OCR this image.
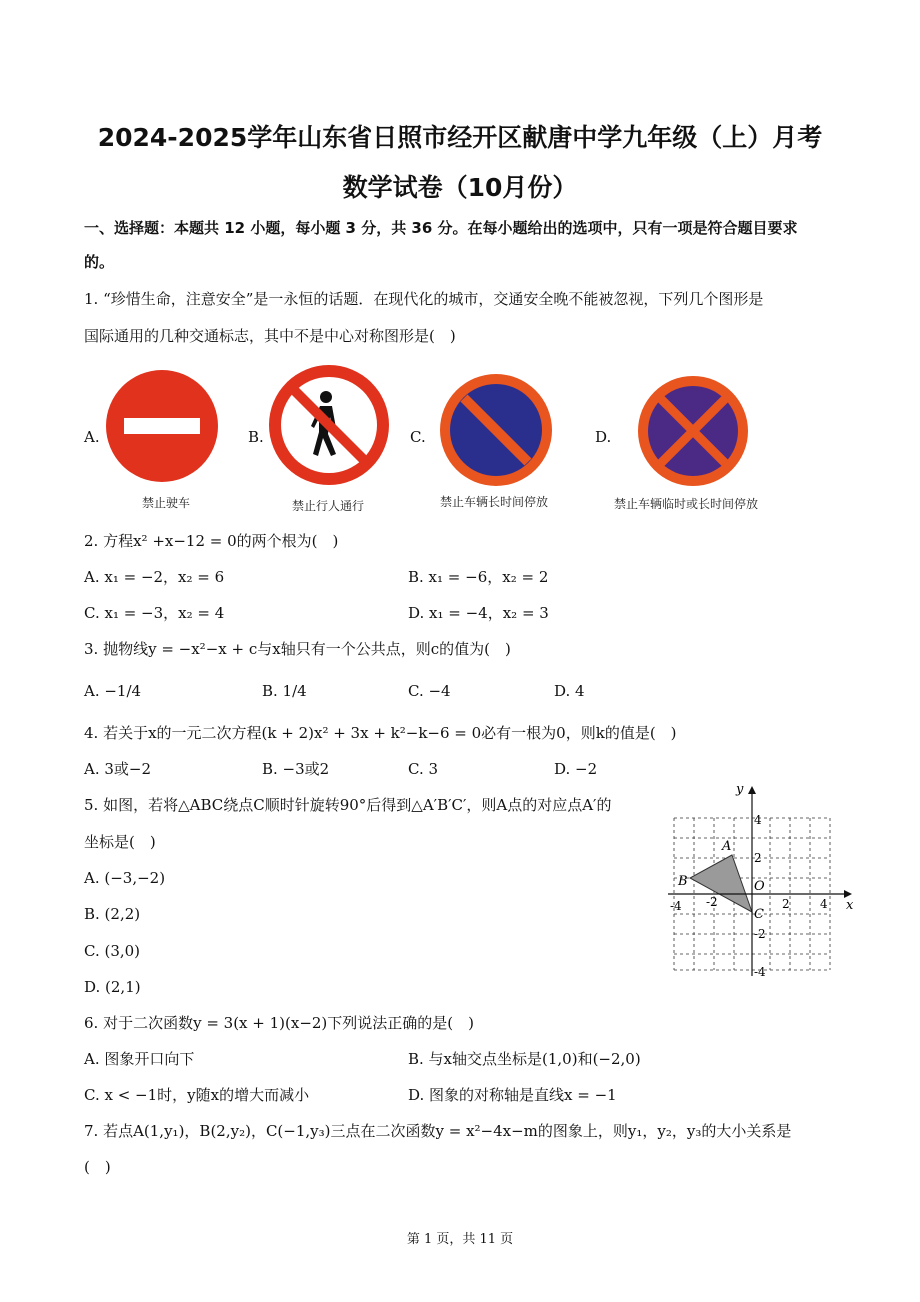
2024-2025学年山东省日照市经开区献唐中学九年级（上）月考
数学试卷（10月份）
一、选择题：本题共 12 小题，每小题 3 分，共 36 分。在每小题给出的选项中，只有一项是符合题目要求
的。
1. “珍惜生命，注意安全”是一永恒的话题．在现代化的城市，交通安全晚不能被忽视，下列几个图形是
国际通用的几种交通标志，其中不是中心对称图形是(　)
A.
禁止驶车
B.
禁止行人通行
C.
禁止车辆长时间停放
D.
禁止车辆临时或长时间停放
2. 方程x² +x−12 = 0的两个根为(　)
A. x₁ = −2，x₂ = 6	B. x₁ = −6，x₂ = 2
C. x₁ = −3，x₂ = 4	D. x₁ = −4，x₂ = 3
3. 抛物线y = −x²−x + c与x轴只有一个公共点，则c的值为(　)
A. −1/4	B. 1/4	C. −4	D. 4
4. 若关于x的一元二次方程(k + 2)x² + 3x + k²−k−6 = 0必有一根为0，则k的值是(　)
A. 3或−2	B. −3或2	C. 3	D. −2
5. 如图，若将△ABC绕点C顺时针旋转90°后得到△A′B′C′，则A点的对应点A′的
坐标是(　)
A. (−3,−2)
B. (2,2)
C. (3,0)
D. (2,1)
y
x
O
A
B
C
-4 -2	2	4
4
2
-2
-4
6. 对于二次函数y = 3(x + 1)(x−2)下列说法正确的是(　)
A. 图象开口向下	B. 与x轴交点坐标是(1,0)和(−2,0)
C. x < −1时，y随x的增大而减小	D. 图象的对称轴是直线x = −1
7. 若点A(1,y₁)，B(2,y₂)，C(−1,y₃)三点在二次函数y = x²−4x−m的图象上，则y₁，y₂，y₃的大小关系是
(　)
第 1 页，共 11 页
